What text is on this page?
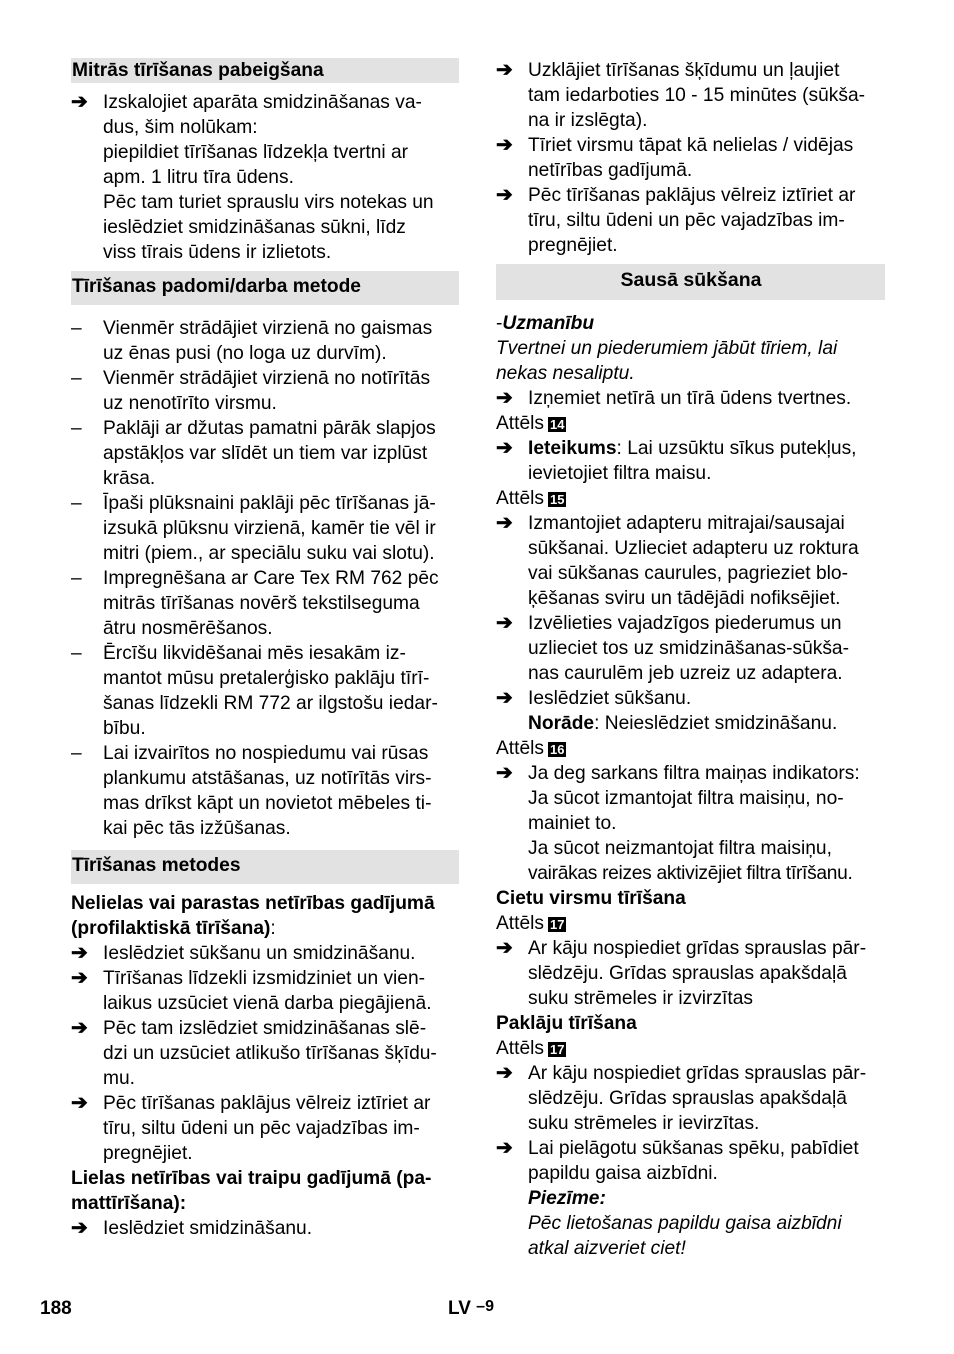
Mitrās tīrīšanas pabeigšana
➔ Izskalojiet aparāta smidzināšanas va-
dus, šim nolūkam:
piepildiet tīrīšanas līdzekļa tvertni ar
apm. 1 litru tīra ūdens.
Pēc tam turiet sprauslu virs notekas un
ieslēdziet smidzināšanas sūkni, līdz
viss tīrais ūdens ir izlietots.
Tīrīšanas padomi/darba metode
–	Vienmēr strādājiet virzienā no gaismas
uz ēnas pusi (no loga uz durvīm).
–	Vienmēr strādājiet virzienā no notīrītās
uz nenotīrīto virsmu.
–	Paklāji ar džutas pamatni pārāk slapjos
apstākļos var slīdēt un tiem var izplūst
krāsa.
–	Īpaši plūksnaini paklāji pēc tīrīšanas jā-
izsukā plūksnu virzienā, kamēr tie vēl ir
mitri (piem., ar speciālu suku vai slotu).
–	Impregnēšana ar Care Tex RM 762 pēc
mitrās tīrīšanas novērš tekstilseguma
ātru nosmērēšanos.
–	Ērcīšu likvidēšanai mēs iesakām iz-
mantot mūsu pretalerģisko paklāju tīrī-
šanas līdzekli RM 772 ar ilgstošu iedar-
bību.
–	Lai izvairītos no nospiedumu vai rūsas
plankumu atstāšanas, uz notīrītās virs-
mas drīkst kāpt un novietot mēbeles ti-
kai pēc tās izžūšanas.
Tīrīšanas metodes
Nelielas vai parastas netīrības gadījumā
(profilaktiskā tīrīšana):
➔ Ieslēdziet sūkšanu un smidzināšanu.
➔ Tīrīšanas līdzekli izsmidziniet un vien-
laikus uzsūciet vienā darba piegājienā.
➔ Pēc tam izslēdziet smidzināšanas slē-
dzi un uzsūciet atlikušo tīrīšanas šķīdu-
mu.
➔ Pēc tīrīšanas paklājus vēlreiz iztīriet ar
tīru, siltu ūdeni un pēc vajadzības im-
pregnējiet.
Lielas netīrības vai traipu gadījumā (pa-
mattīrīšana):
➔ Ieslēdziet smidzināšanu.
➔ Uzklājiet tīrīšanas šķīdumu un ļaujiet
tam iedarboties 10 - 15 minūtes (sūkša-
na ir izslēgta).
➔ Tīriet virsmu tāpat kā nelielas / vidējas
netīrības gadījumā.
➔ Pēc tīrīšanas paklājus vēlreiz iztīriet ar
tīru, siltu ūdeni un pēc vajadzības im-
pregnējiet.
Sausā sūkšana
-Uzmanību
Tvertnei un piederumiem jābūt tīriem, lai
nekas nesaliptu.
➔ Izņemiet netīrā un tīrā ūdens tvertnes.
Attēls 14
➔ Ieteikums: Lai uzsūktu sīkus putekļus,
ievietojiet filtra maisu.
Attēls 15
➔ Izmantojiet adapteru mitrajai/sausajai
sūkšanai. Uzlieciet adapteru uz roktura
vai sūkšanas caurules, pagrieziet blo-
ķēšanas sviru un tādējādi nofiksējiet.
➔ Izvēlieties vajadzīgos piederumus un
uzlieciet tos uz smidzināšanas-sūkša-
nas caurulēm jeb uzreiz uz adaptera.
➔ Ieslēdziet sūkšanu.
Norāde: Neieslēdziet smidzināšanu.
Attēls 16
➔ Ja deg sarkans filtra maiņas indikators:
Ja sūcot izmantojat filtra maisiņu, no-
mainiet to.
Ja sūcot neizmantojat filtra maisiņu,
vairākas reizes aktivizējiet filtra tīrīšanu.
Cietu virsmu tīrīšana
Attēls 17
➔ Ar kāju nospiediet grīdas sprauslas pār-
slēdzēju. Grīdas sprauslas apakšdaļā
suku strēmeles ir izvirzītas
Paklāju tīrīšana
Attēls 17
➔ Ar kāju nospiediet grīdas sprauslas pār-
slēdzēju. Grīdas sprauslas apakšdaļā
suku strēmeles ir ievirzītas.
➔ Lai pielāgotu sūkšanas spēku, pabīdiet
papildu gaisa aizbīdni.
Piezīme:
Pēc lietošanas papildu gaisa aizbīdni
atkal aizveriet ciet!
188	LV –9
